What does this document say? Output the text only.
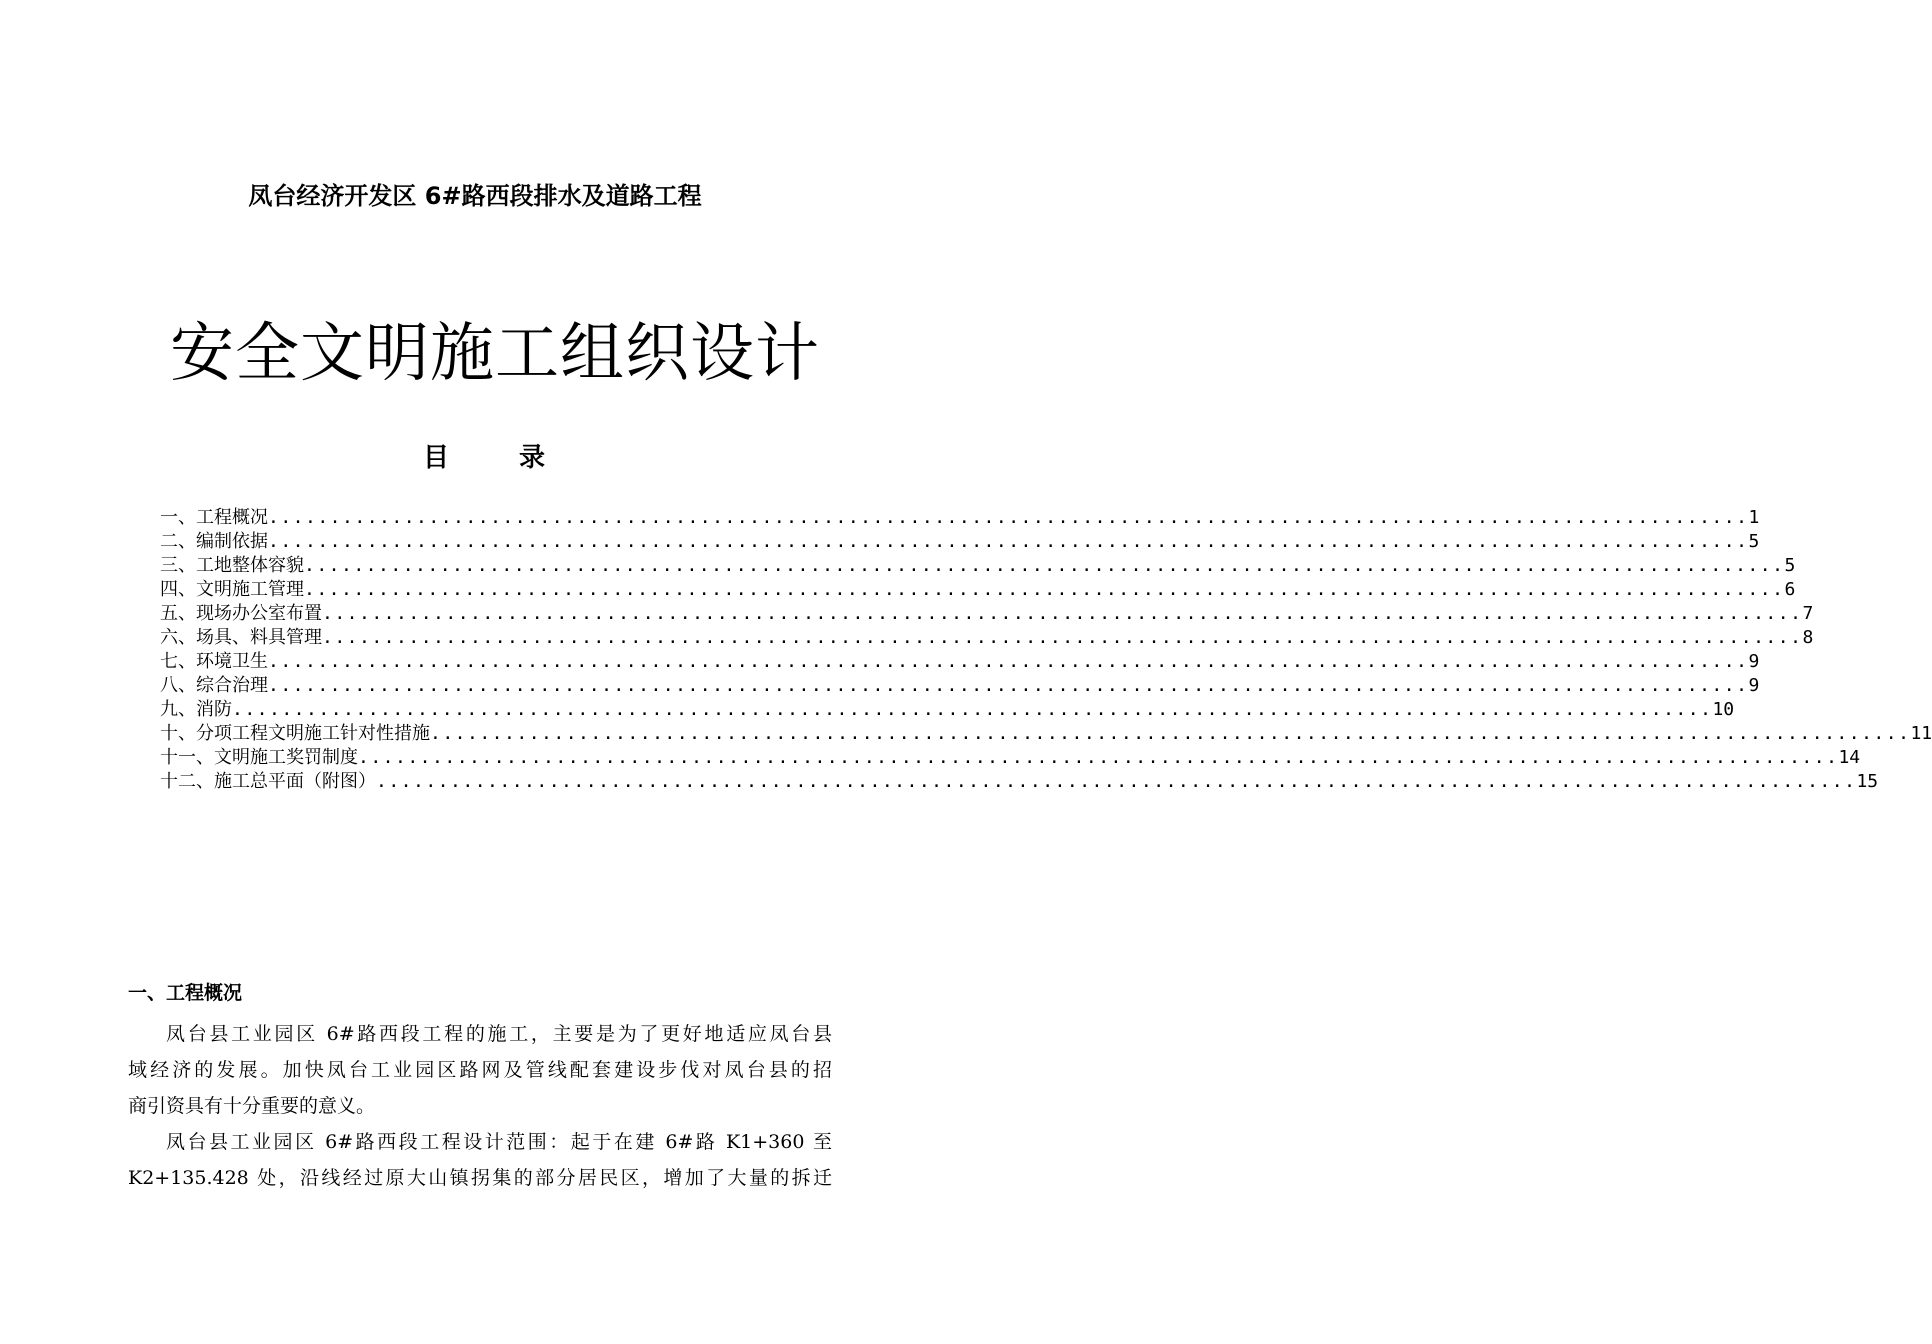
凤台经济开发区 6#路西段排水及道路工程
安全文明施工组织设计
目	录
一、工程概况 ........................................................................................................................ 1
二、编制依据 ........................................................................................................................ 5
三、工地整体容貌 ........................................................................................................................ 5
四、文明施工管理 ........................................................................................................................ 6
五、现场办公室布置 ........................................................................................................................ 7
六、场具、料具管理 ........................................................................................................................ 8
七、环境卫生 ........................................................................................................................ 9
八、综合治理 ........................................................................................................................ 9
九、消防 ........................................................................................................................ 10
十、分项工程文明施工针对性措施 ........................................................................................................................ 11
十一、文明施工奖罚制度 ........................................................................................................................ 14
十二、施工总平面（附图） ........................................................................................................................ 15
一、工程概况
凤台县工业园区 6#路西段工程的施工，主要是为了更好地适应凤台县
域经济的发展。加快凤台工业园区路网及管线配套建设步伐对凤台县的招
商引资具有十分重要的意义。
凤台县工业园区 6#路西段工程设计范围：起于在建 6#路 K1+360 至
K2+135.428 处，沿线经过原大山镇拐集的部分居民区，增加了大量的拆迁
